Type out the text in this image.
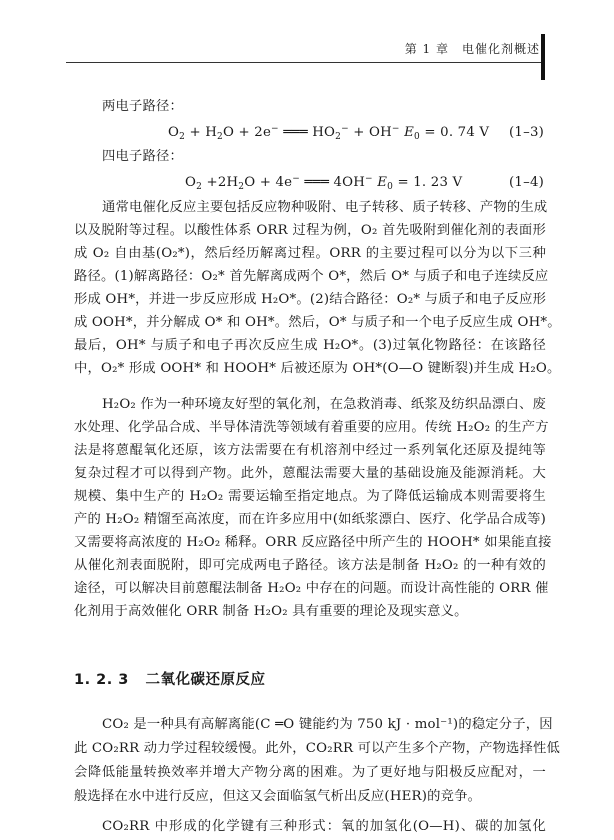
第 1 章　电催化剂概述
两电子路径：
$O_2 + H_2O + 2e^-$ ═══ $HO_2^- + OH^-$ $E_0 = 0$. 74 V (1–3)
四电子路径：
$O_2 +2H_2O + 4e^-$ ═══ 4OH− $E_0 = 1$. 23 V	(1–4)
通常电催化反应主要包括反应物种吸附、电子转移、质子转移、产物的生成
以及脱附等过程。以酸性体系 ORR 过程为例，O₂ 首先吸附到催化剂的表面形
成 O₂ 自由基(O₂*)，然后经历解离过程。ORR 的主要过程可以分为以下三种
路径。(1)解离路径：O₂* 首先解离成两个 O*，然后 O* 与质子和电子连续反应
形成 OH*，并进一步反应形成 H₂O*。(2)结合路径：O₂* 与质子和电子反应形
成 OOH*，并分解成 O* 和 OH*。然后，O* 与质子和一个电子反应生成 OH*。
最后，OH* 与质子和电子再次反应生成 H₂O*。(3)过氧化物路径：在该路径
中，O₂* 形成 OOH* 和 HOOH* 后被还原为 OH*(O—O 键断裂)并生成 H₂O。
H₂O₂ 作为一种环境友好型的氧化剂，在急救消毒、纸浆及纺织品漂白、废
水处理、化学品合成、半导体清洗等领域有着重要的应用。传统 H₂O₂ 的生产方
法是将蒽醌氧化还原，该方法需要在有机溶剂中经过一系列氧化还原及提纯等
复杂过程才可以得到产物。此外，蒽醌法需要大量的基础设施及能源消耗。大
规模、集中生产的 H₂O₂ 需要运输至指定地点。为了降低运输成本则需要将生
产的 H₂O₂ 精馏至高浓度，而在许多应用中(如纸浆漂白、医疗、化学品合成等)
又需要将高浓度的 H₂O₂ 稀释。ORR 反应路径中所产生的 HOOH* 如果能直接
从催化剂表面脱附，即可完成两电子路径。该方法是制备 H₂O₂ 的一种有效的
途径，可以解决目前蒽醌法制备 H₂O₂ 中存在的问题。而设计高性能的 ORR 催
化剂用于高效催化 ORR 制备 H₂O₂ 具有重要的理论及现实意义。
1. 2. 3 二氧化碳还原反应
CO₂ 是一种具有高解离能(C ═O 键能约为 750 kJ · mol⁻¹)的稳定分子，因
此 CO₂RR 动力学过程较缓慢。此外，CO₂RR 可以产生多个产物，产物选择性低
会降低能量转换效率并增大产物分离的困难。为了更好地与阳极反应配对，一
般选择在水中进行反应，但这又会面临氢气析出反应(HER)的竞争。
CO₂RR 中形成的化学键有三种形式：氧的加氢化(O—H)、碳的加氢化
